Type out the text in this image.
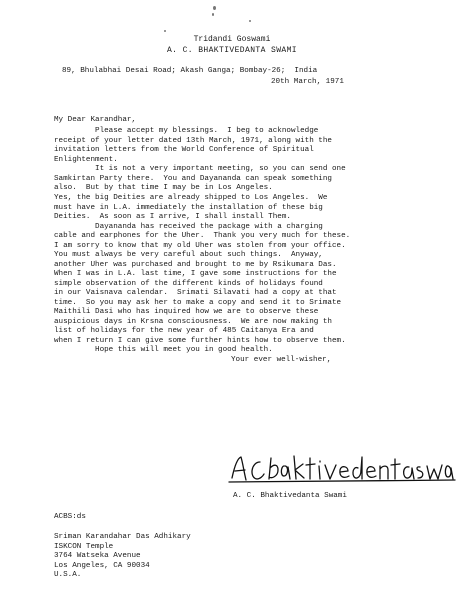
Tridandi Goswami
A. C. BHAKTIVEDANTA SWAMI
89, Bhulabhai Desai Road; Akash Ganga; Bombay-26;  India
20th March, 1971
My Dear Karandhar,
Please accept my blessings.  I beg to acknowledge
receipt of your letter dated 13th March, 1971, along with the
invitation letters from the World Conference of Spiritual
Enlightenment.
It is not a very important meeting, so you can send one
Samkirtan Party there.  You and Dayananda can speak something
also.  But by that time I may be in Los Angeles.
Yes, the big Deities are already shipped to Los Angeles.  We
must have in L.A. immediately the installation of these big
Deities.  As soon as I arrive, I shall install Them.
Dayananda has received the package with a charging
cable and earphones for the Uher.  Thank you very much for these.
I am sorry to know that my old Uher was stolen from your office.
You must always be very careful about such things.  Anyway,
another Uher was purchased and brought to me by Rsikumara Das.
When I was in L.A. last time, I gave some instructions for the
simple observation of the different kinds of holidays found
in our Vaisnava calendar.  Srimati Silavati had a copy at that
time.  So you may ask her to make a copy and send it to Srimate
Maithili Dasi who has inquired how we are to observe these
auspicious days in Krsna consciousness.  We are now making th
list of holidays for the new year of 485 Caitanya Era and
when I return I can give some further hints how to observe them.
Hope this will meet you in good health.
Your ever well-wisher,
A. C. Bhaktivedanta Swami
ACBS:ds
Sriman Karandahar Das Adhikary
ISKCON Temple
3764 Watseka Avenue
Los Angeles, CA 90034
U.S.A.
